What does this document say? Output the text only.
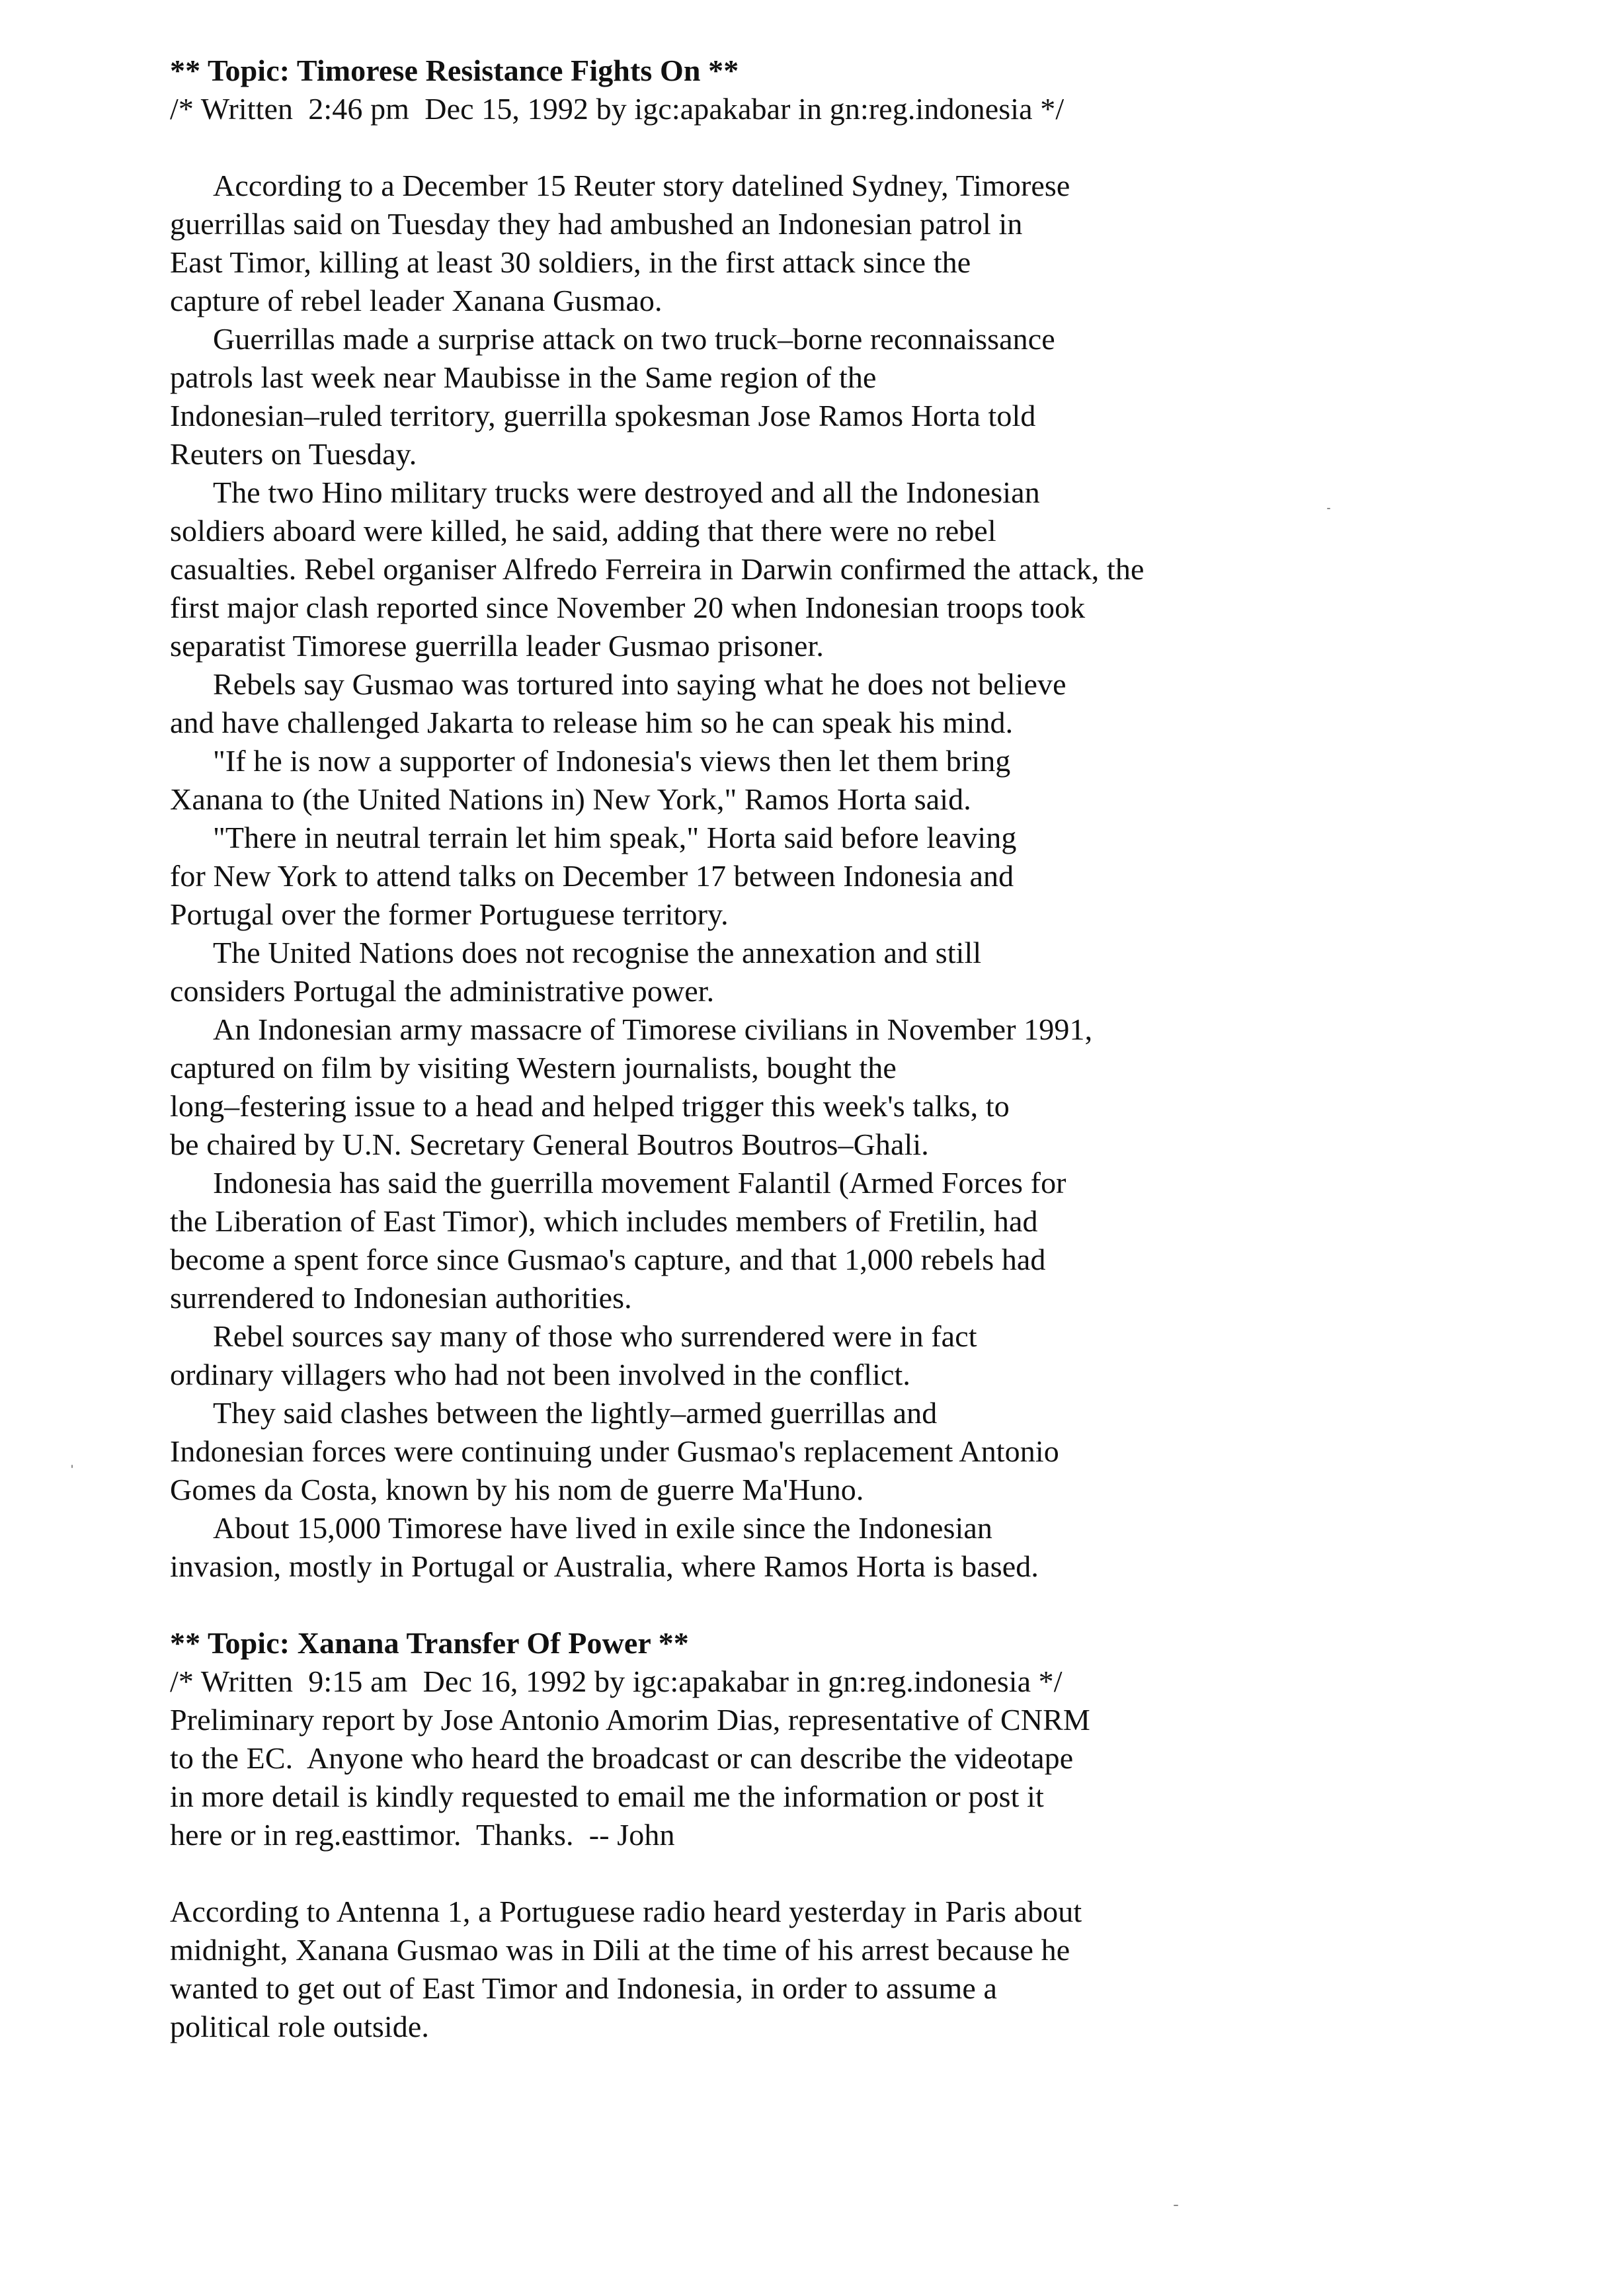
** Topic: Timorese Resistance Fights On **
/* Written  2:46 pm  Dec 15, 1992 by igc:apakabar in gn:reg.indonesia */
According to a December 15 Reuter story datelined Sydney, Timorese
guerrillas said on Tuesday they had ambushed an Indonesian patrol in
East Timor, killing at least 30 soldiers, in the first attack since the
capture of rebel leader Xanana Gusmao.
Guerrillas made a surprise attack on two truck–borne reconnaissance
patrols last week near Maubisse in the Same region of the
Indonesian–ruled territory, guerrilla spokesman Jose Ramos Horta told
Reuters on Tuesday.
The two Hino military trucks were destroyed and all the Indonesian
soldiers aboard were killed, he said, adding that there were no rebel
casualties. Rebel organiser Alfredo Ferreira in Darwin confirmed the attack, the
first major clash reported since November 20 when Indonesian troops took
separatist Timorese guerrilla leader Gusmao prisoner.
Rebels say Gusmao was tortured into saying what he does not believe
and have challenged Jakarta to release him so he can speak his mind.
"If he is now a supporter of Indonesia's views then let them bring
Xanana to (the United Nations in) New York," Ramos Horta said.
"There in neutral terrain let him speak," Horta said before leaving
for New York to attend talks on December 17 between Indonesia and
Portugal over the former Portuguese territory.
The United Nations does not recognise the annexation and still
considers Portugal the administrative power.
An Indonesian army massacre of Timorese civilians in November 1991,
captured on film by visiting Western journalists, bought the
long–festering issue to a head and helped trigger this week's talks, to
be chaired by U.N. Secretary General Boutros Boutros–Ghali.
Indonesia has said the guerrilla movement Falantil (Armed Forces for
the Liberation of East Timor), which includes members of Fretilin, had
become a spent force since Gusmao's capture, and that 1,000 rebels had
surrendered to Indonesian authorities.
Rebel sources say many of those who surrendered were in fact
ordinary villagers who had not been involved in the conflict.
They said clashes between the lightly–armed guerrillas and
Indonesian forces were continuing under Gusmao's replacement Antonio
Gomes da Costa, known by his nom de guerre Ma'Huno.
About 15,000 Timorese have lived in exile since the Indonesian
invasion, mostly in Portugal or Australia, where Ramos Horta is based.
** Topic: Xanana Transfer Of Power **
/* Written  9:15 am  Dec 16, 1992 by igc:apakabar in gn:reg.indonesia */
Preliminary report by Jose Antonio Amorim Dias, representative of CNRM
to the EC.  Anyone who heard the broadcast or can describe the videotape
in more detail is kindly requested to email me the information or post it
here or in reg.easttimor.  Thanks.  -- John
According to Antenna 1, a Portuguese radio heard yesterday in Paris about
midnight, Xanana Gusmao was in Dili at the time of his arrest because he
wanted to get out of East Timor and Indonesia, in order to assume a
political role outside.
